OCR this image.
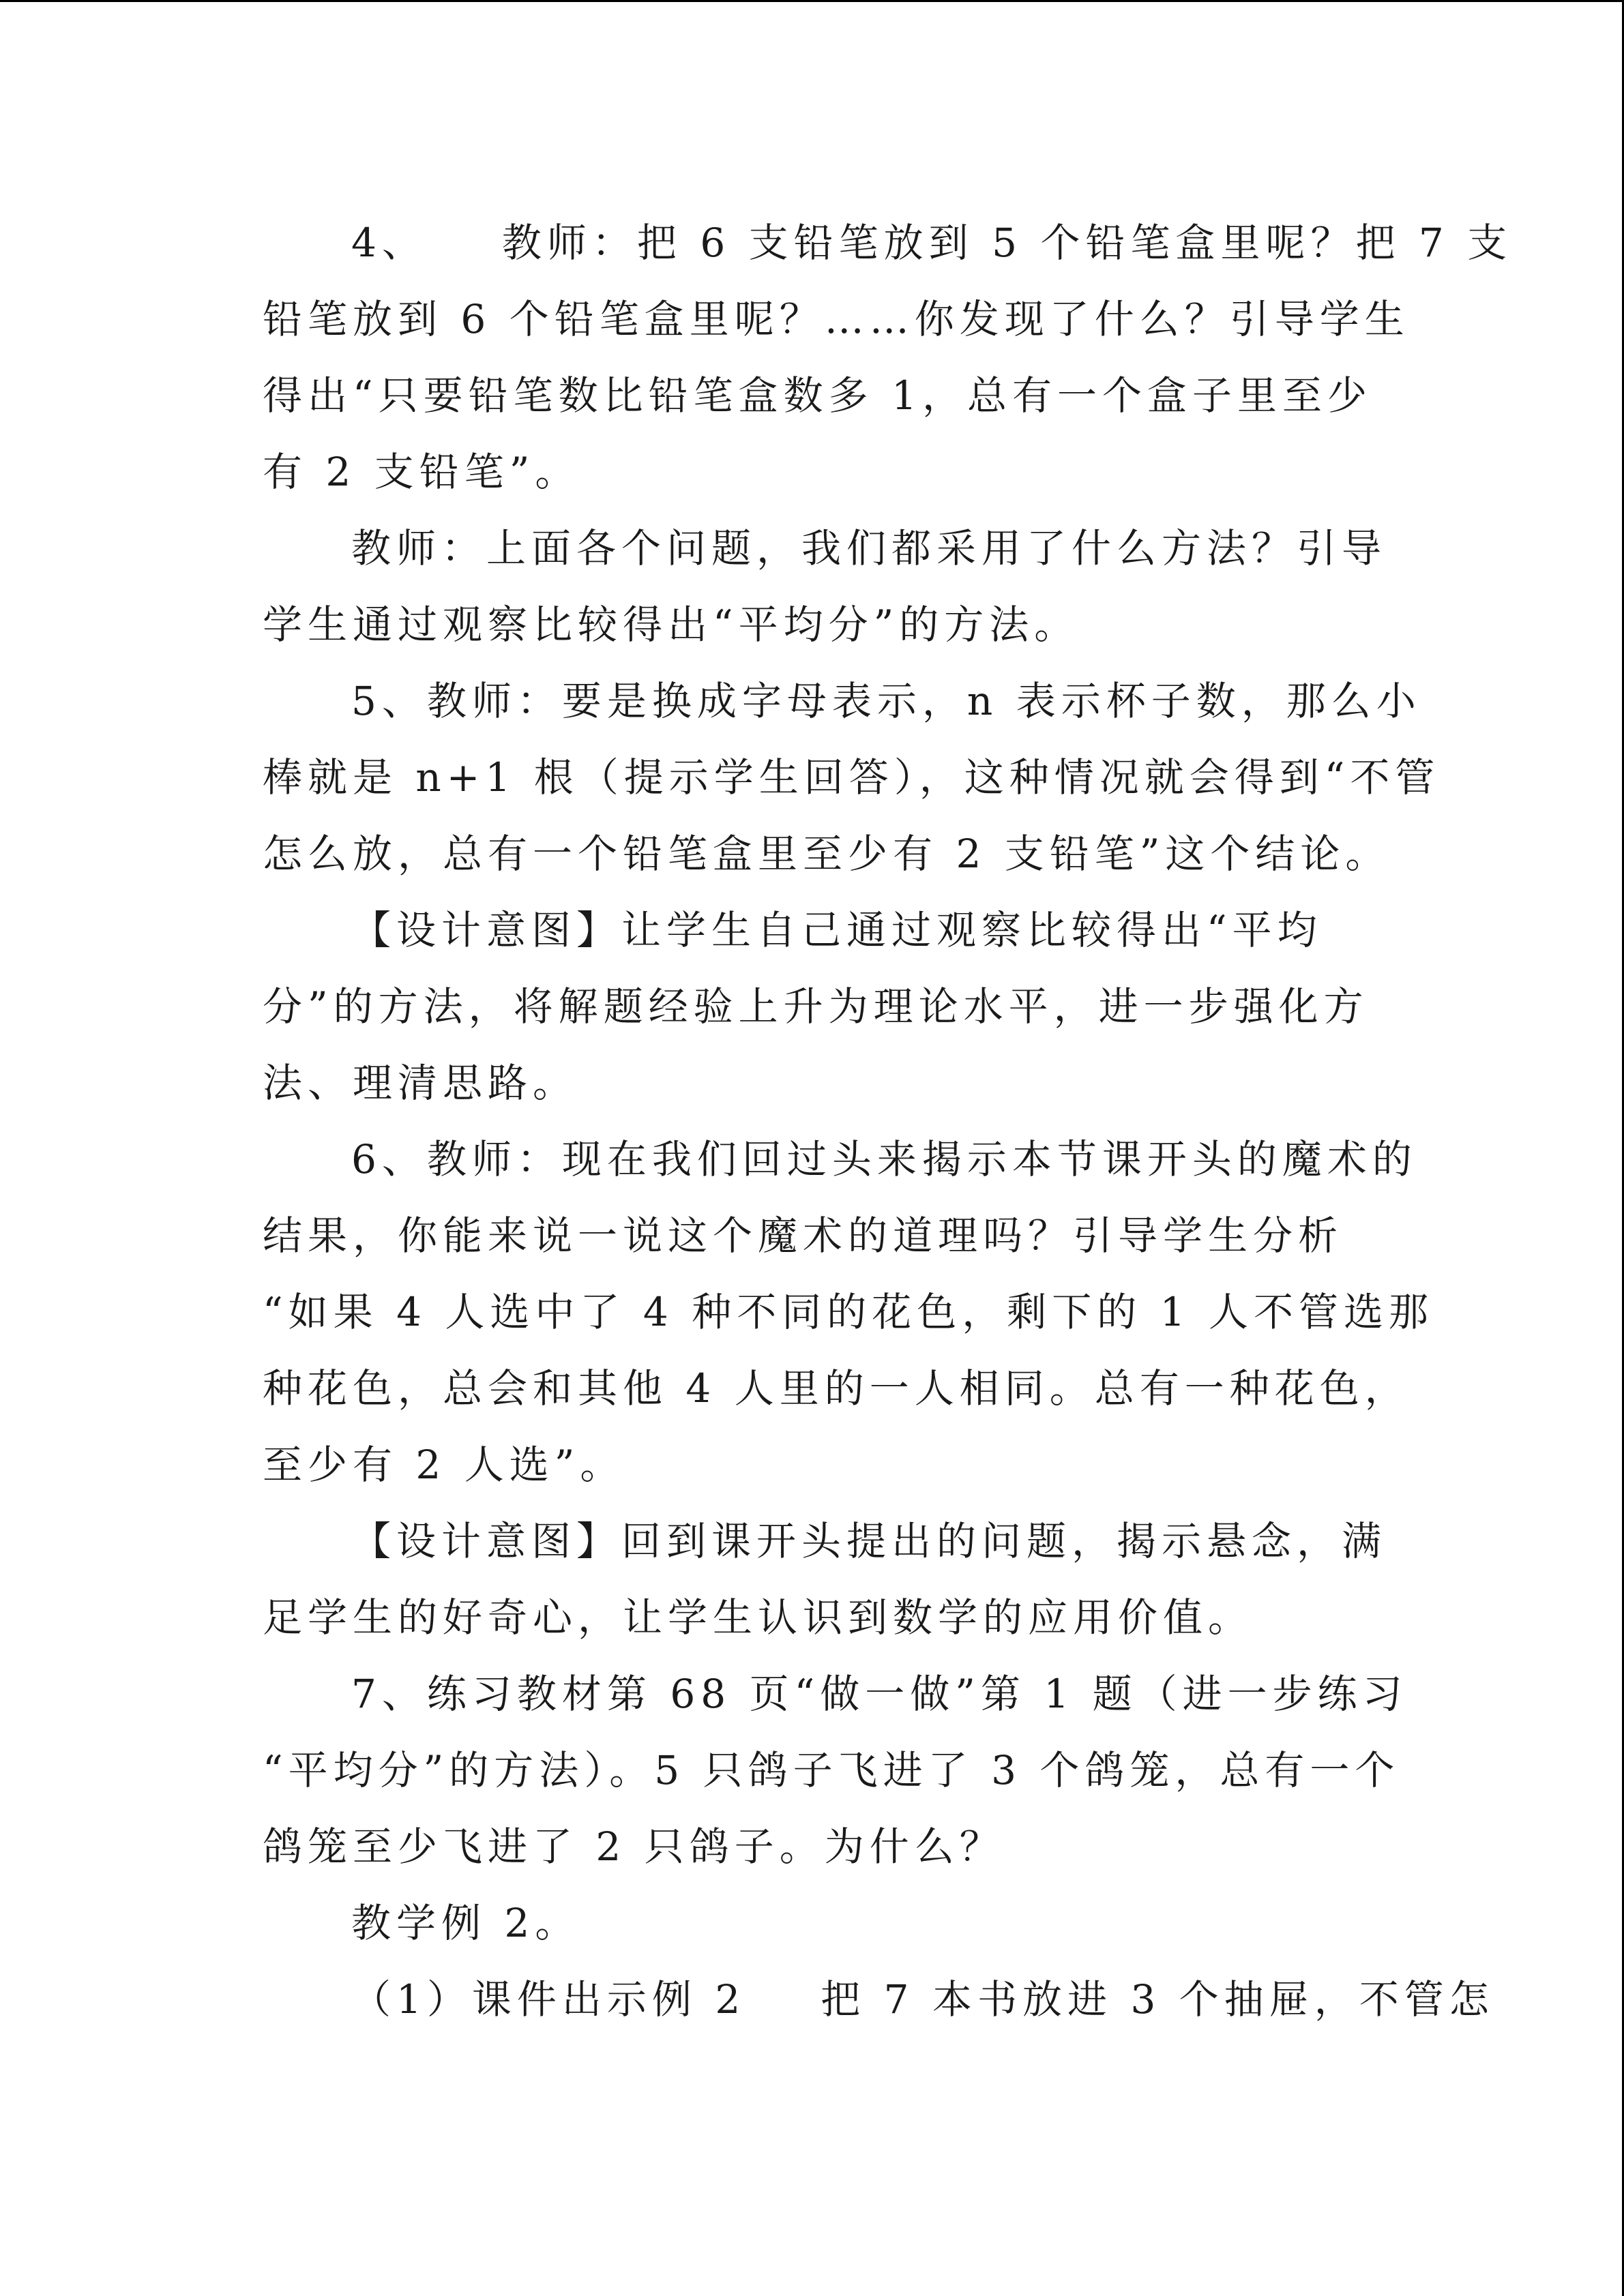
4、 教师：把 6 支铅笔放到 5 个铅笔盒里呢？把 7 支
铅笔放到 6 个铅笔盒里呢？……你发现了什么？引导学生
得出“只要铅笔数比铅笔盒数多 1，总有一个盒子里至少
有 2 支铅笔”。
教师：上面各个问题，我们都采用了什么方法？引导
学生通过观察比较得出“平均分”的方法。
5、教师：要是换成字母表示，n 表示杯子数，那么小
棒就是 n+1 根（提示学生回答），这种情况就会得到“不管
怎么放，总有一个铅笔盒里至少有 2 支铅笔”这个结论。
【设计意图】让学生自己通过观察比较得出“平均
分”的方法，将解题经验上升为理论水平，进一步强化方
法、理清思路。
6、教师：现在我们回过头来揭示本节课开头的魔术的
结果，你能来说一说这个魔术的道理吗？引导学生分析
“如果 4 人选中了 4 种不同的花色，剩下的 1 人不管选那
种花色，总会和其他 4 人里的一人相同。总有一种花色，
至少有 2 人选”。
【设计意图】回到课开头提出的问题，揭示悬念，满
足学生的好奇心，让学生认识到数学的应用价值。
7、练习教材第 68 页“做一做”第 1 题（进一步练习
“平均分”的方法）。5 只鸽子飞进了 3 个鸽笼，总有一个
鸽笼至少飞进了 2 只鸽子。为什么？
教学例 2。
（1）课件出示例 2 把 7 本书放进 3 个抽屉，不管怎
